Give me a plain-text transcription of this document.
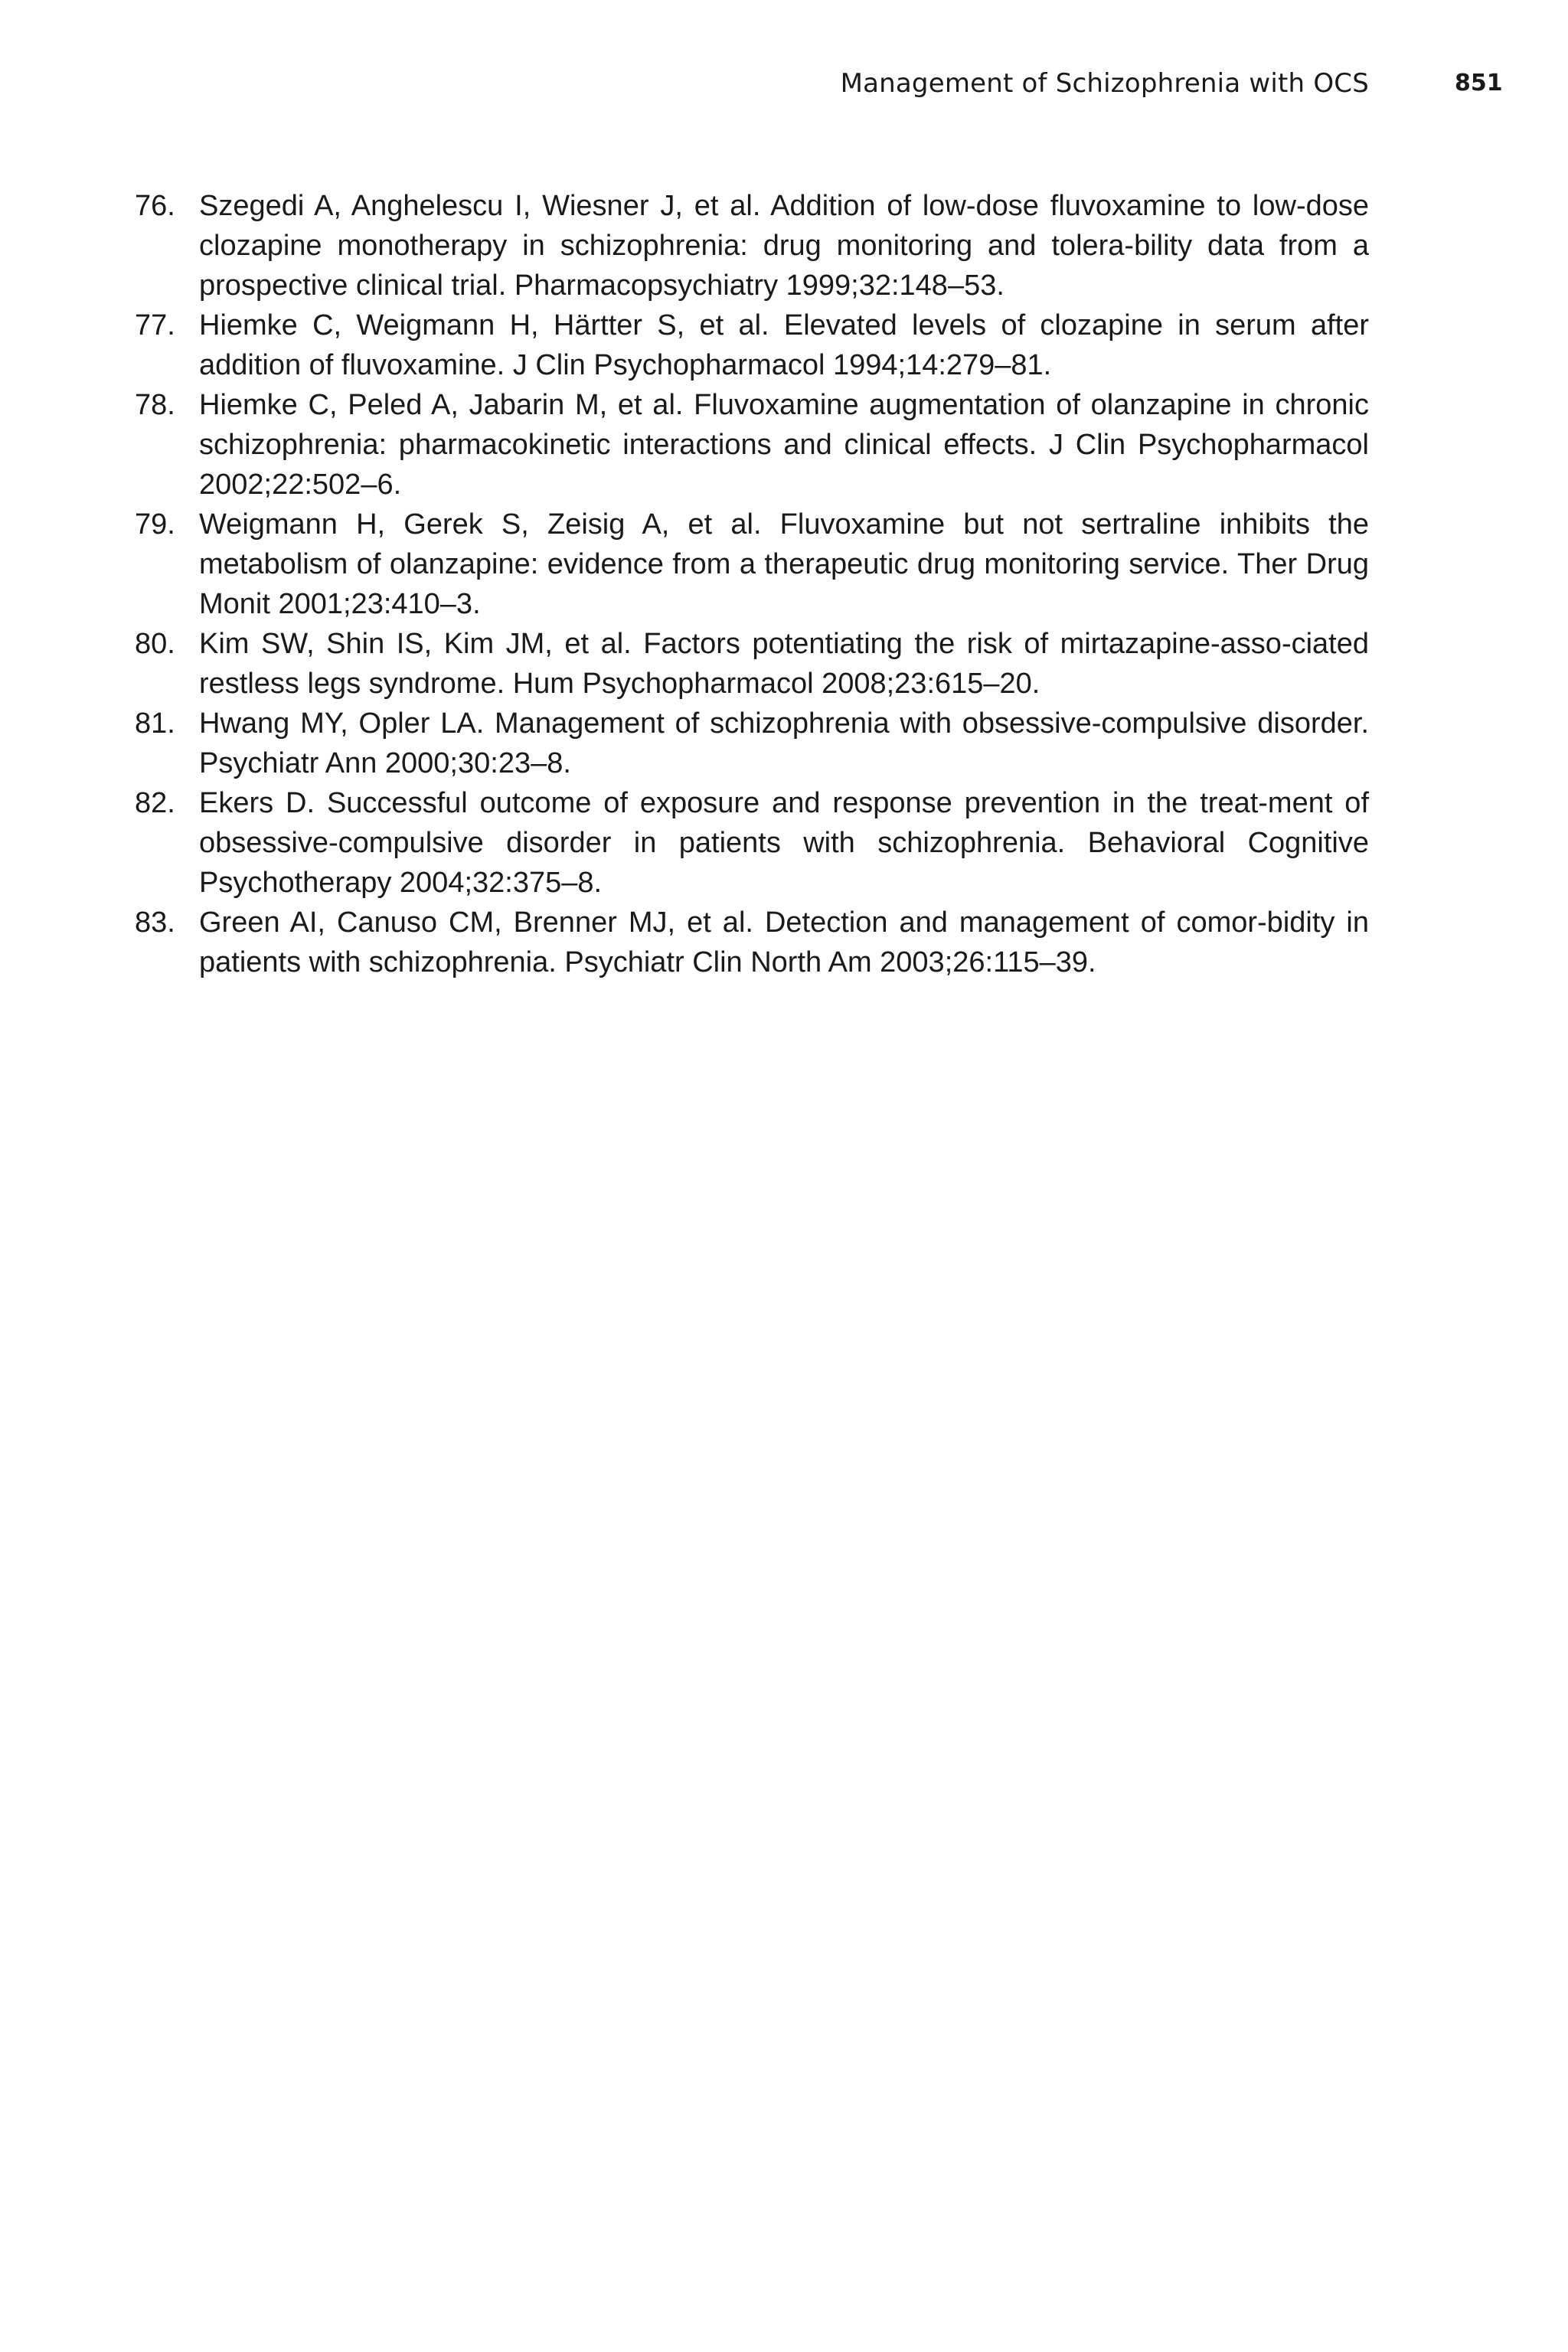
Management of Schizophrenia with OCS	851
76. Szegedi A, Anghelescu I, Wiesner J, et al. Addition of low-dose fluvoxamine to low-dose clozapine monotherapy in schizophrenia: drug monitoring and tolera-bility data from a prospective clinical trial. Pharmacopsychiatry 1999;32:148–53.
77. Hiemke C, Weigmann H, Härtter S, et al. Elevated levels of clozapine in serum after addition of fluvoxamine. J Clin Psychopharmacol 1994;14:279–81.
78. Hiemke C, Peled A, Jabarin M, et al. Fluvoxamine augmentation of olanzapine in chronic schizophrenia: pharmacokinetic interactions and clinical effects. J Clin Psychopharmacol 2002;22:502–6.
79. Weigmann H, Gerek S, Zeisig A, et al. Fluvoxamine but not sertraline inhibits the metabolism of olanzapine: evidence from a therapeutic drug monitoring service. Ther Drug Monit 2001;23:410–3.
80. Kim SW, Shin IS, Kim JM, et al. Factors potentiating the risk of mirtazapine-asso-ciated restless legs syndrome. Hum Psychopharmacol 2008;23:615–20.
81. Hwang MY, Opler LA. Management of schizophrenia with obsessive-compulsive disorder. Psychiatr Ann 2000;30:23–8.
82. Ekers D. Successful outcome of exposure and response prevention in the treat-ment of obsessive-compulsive disorder in patients with schizophrenia. Behavioral Cognitive Psychotherapy 2004;32:375–8.
83. Green AI, Canuso CM, Brenner MJ, et al. Detection and management of comor-bidity in patients with schizophrenia. Psychiatr Clin North Am 2003;26:115–39.
